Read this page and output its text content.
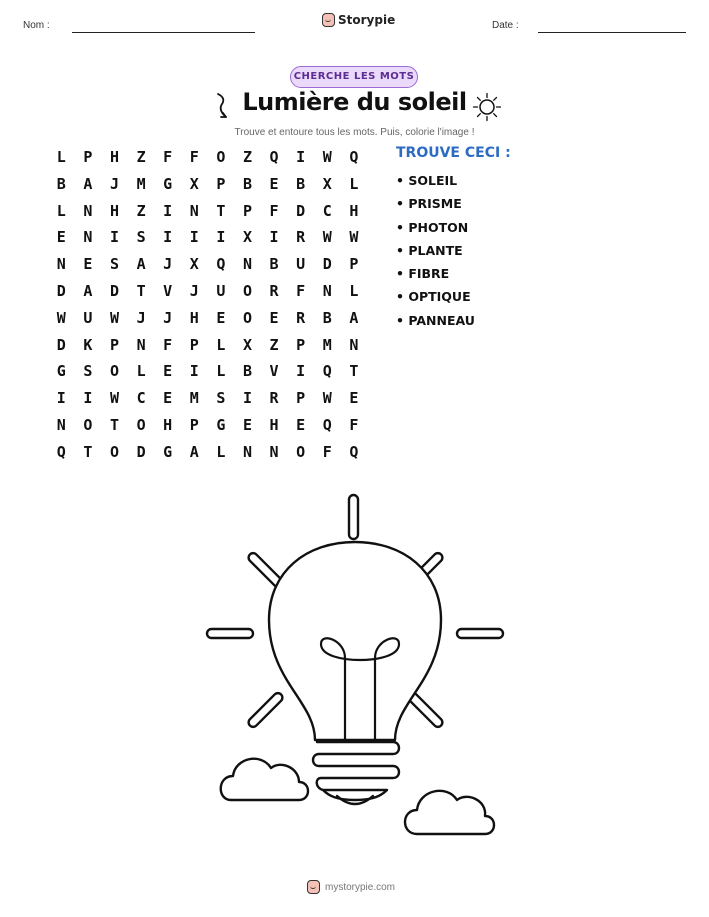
Nom :	Storypie	Date :
CHERCHE LES MOTS
Lumière du soleil
Trouve et entoure tous les mots. Puis, colorie l'image !
L	P	H	Z	F	F	O	Z	Q	I	W	Q
B	A	J	M	G	X	P	B	E	B	X	L
L	N	H	Z	I	N	T	P	F	D	C	H
E	N	I	S	I	I	I	X	I	R	W	W
N	E	S	A	J	X	Q	N	B	U	D	P
D	A	D	T	V	J	U	O	R	F	N	L
W	U	W	J	J	H	E	O	E	R	B	A
D	K	P	N	F	P	L	X	Z	P	M	N
G	S	O	L	E	I	L	B	V	I	Q	T
I	I	W	C	E	M	S	I	R	P	W	E
N	O	T	O	H	P	G	E	H	E	Q	F
Q	T	O	D	G	A	L	N	N	O	F	Q
TROUVE CECI :
• SOLEIL
• PRISME
• PHOTON
• PLANTE
• FIBRE
• OPTIQUE
• PANNEAU
mystorypie.com
